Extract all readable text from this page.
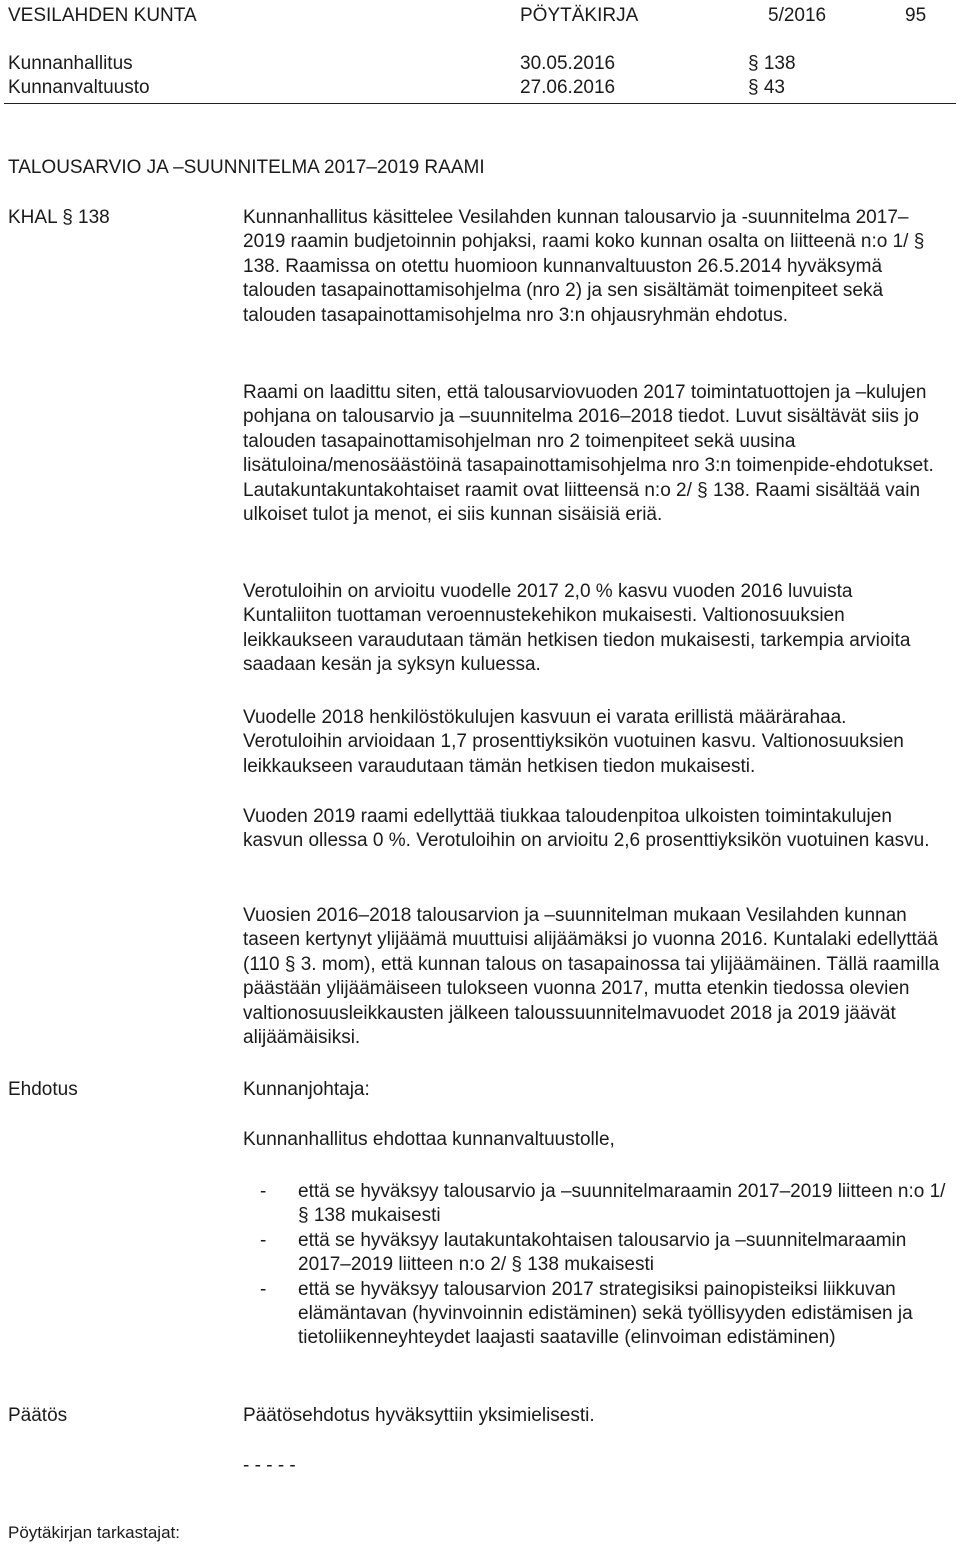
VESILAHDEN KUNTA	PÖYTÄKIRJA	5/2016	95
Kunnanhallitus	30.05.2016	§ 138
Kunnanvaltuusto	27.06.2016	§ 43
TALOUSARVIO JA –SUUNNITELMA 2017–2019 RAAMI
KHAL § 138	Kunnanhallitus käsittelee Vesilahden kunnan talousarvio ja -suunnitelma 2017–2019 raamin budjetoinnin pohjaksi, raami koko kunnan osalta on liitteenä n:o 1/ § 138. Raamissa on otettu huomioon kunnanvaltuuston 26.5.2014 hyväksymä talouden tasapainottamisohjelma (nro 2) ja sen sisältämät toimenpiteet sekä talouden tasapainottamisohjelma nro 3:n ohjausryhmän ehdotus.

Raami on laadittu siten, että talousarviovuoden 2017 toimintatuottojen ja –kulujen pohjana on talousarvio ja –suunnitelma 2016–2018 tiedot. Luvut sisältävät siis jo talouden tasapainottamisohjelman nro 2 toimenpiteet sekä uusina lisätuloina/menosäästöinä tasapainottamisohjelma nro 3:n toimenpide-ehdotukset. Lautakuntakuntakohtaiset raamit ovat liitteensä n:o 2/ § 138. Raami sisältää vain ulkoiset tulot ja menot, ei siis kunnan sisäisiä eriä.

Verotuloihin on arvioitu vuodelle 2017 2,0 % kasvu vuoden 2016 luvuista Kuntaliiton tuottaman veroennustekehikon mukaisesti. Valtionosuuksien leikkaukseen varaudutaan tämän hetkisen tiedon mukaisesti, tarkempia arvioita saadaan kesän ja syksyn kuluessa.

Vuodelle 2018 henkilöstökulujen kasvuun ei varata erillistä määrärahaa. Verotuloihin arvioidaan 1,7 prosenttiyksikön vuotuinen kasvu. Valtionosuuksien leikkaukseen varaudutaan tämän hetkisen tiedon mukaisesti.

Vuoden 2019 raami edellyttää tiukkaa taloudenpitoa ulkoisten toimintakulujen kasvun ollessa 0 %. Verotuloihin on arvioitu 2,6 prosenttiyksikön vuotuinen kasvu.

Vuosien 2016–2018 talousarvion ja –suunnitelman mukaan Vesilahden kunnan taseen kertynyt ylijäämä muuttuisi alijäämäksi jo vuonna 2016. Kuntalaki edellyttää (110 § 3. mom), että kunnan talous on tasapainossa tai ylijäämäinen. Tällä raamilla päästään ylijäämäiseen tulokseen vuonna 2017, mutta etenkin tiedossa olevien valtionosuusleikkausten jälkeen taloussuunnitelmavuodet 2018 ja 2019 jäävät alijäämäisiksi.

Ehdotus	Kunnanjohtaja:
Kunnanhallitus ehdottaa kunnanvaltuustolle,
- että se hyväksyy talousarvio ja –suunnitelmaraamin 2017–2019 liitteen n:o 1/ § 138 mukaisesti
- että se hyväksyy lautakuntakohtaisen talousarvio ja –suunnitelmaraamin 2017–2019 liitteen n:o 2/ § 138 mukaisesti
- että se hyväksyy talousarvion 2017 strategisiksi painopisteiksi liikkuvan elämäntavan (hyvinvoinnin edistäminen) sekä työllisyyden edistämisen ja tietoliikenneyhteydet laajasti saataville (elinvoiman edistäminen)
Päätös	Päätösehdotus hyväksyttiin yksimielisesti.
- - - - -
Pöytäkirjan tarkastajat:
